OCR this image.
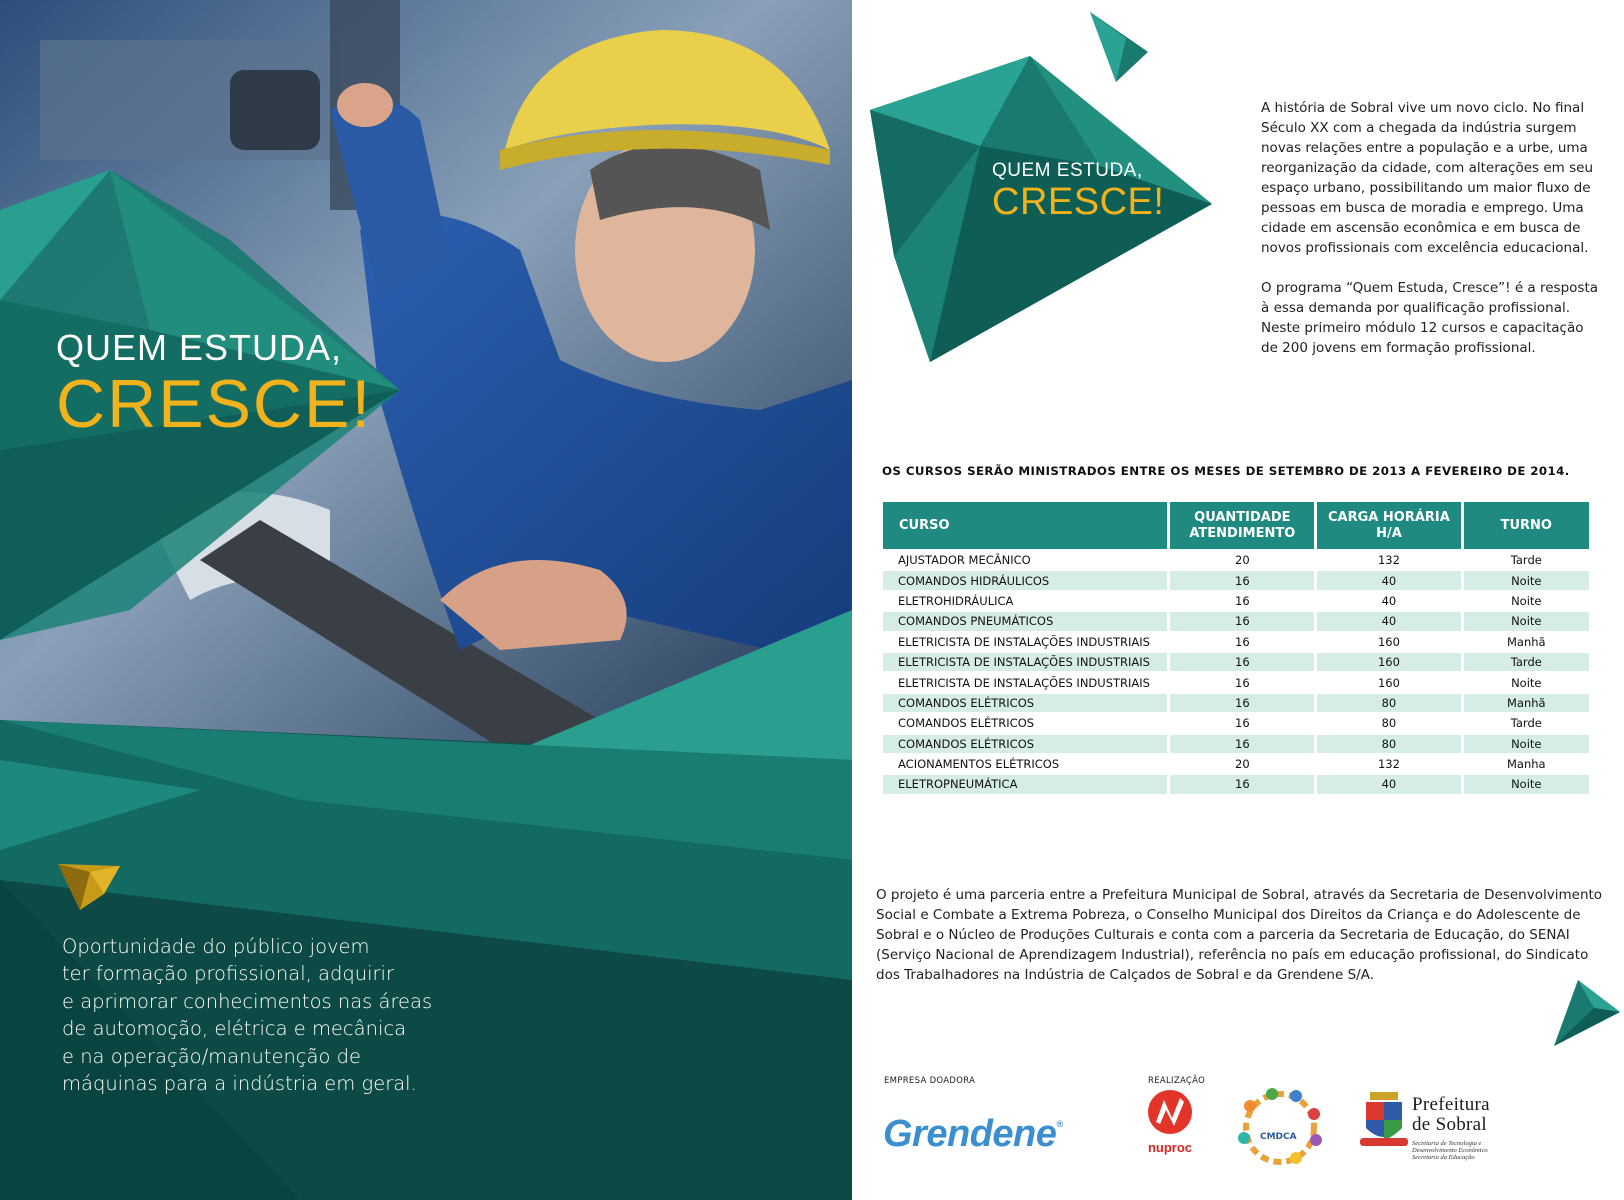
QUEM ESTUDA,
CRESCE!
Oportunidade do público jovem
ter formação profissional, adquirir
e aprimorar conhecimentos nas áreas
de automoção, elétrica e mecânica
e na operação/manutenção de
máquinas para a indústria em geral.
QUEM ESTUDA,
CRESCE!

A história de Sobral vive um novo ciclo. No final Século XX com a chegada da indústria surgem novas relações entre a população e a urbe, uma reorganização da cidade, com alterações em seu espaço urbano, possibilitando um maior fluxo de pessoas em busca de moradia e emprego. Uma cidade em ascensão econômica e em busca de novos profissionais com excelência educacional.

O programa “Quem Estuda, Cresce”! é a resposta à essa demanda por qualificação profissional. Neste primeiro módulo 12 cursos e capacitação de 200 jovens em formação profissional.

OS CURSOS SERÃO MINISTRADOS ENTRE OS MESES DE SETEMBRO DE 2013 A FEVEREIRO DE 2014.
CURSO	QUANTIDADE ATENDIMENTO	CARGA HORÁRIA H/A	TURNO
AJUSTADOR MECÂNICO	20	132	Tarde
COMANDOS HIDRÁULICOS	16	40	Noite
ELETROHIDRÁULICA	16	40	Noite
COMANDOS PNEUMÁTICOS	16	40	Noite
ELETRICISTA DE INSTALAÇÕES INDUSTRIAIS	16	160	Manhã
ELETRICISTA DE INSTALAÇÕES INDUSTRIAIS	16	160	Tarde
ELETRICISTA DE INSTALAÇÕES INDUSTRIAIS	16	160	Noite
COMANDOS ELÉTRICOS	16	80	Manhã
COMANDOS ELÉTRICOS	16	80	Tarde
COMANDOS ELÉTRICOS	16	80	Noite
ACIONAMENTOS ELÉTRICOS	20	132	Manha
ELETROPNEUMÁTICA	16	40	Noite
O projeto é uma parceria entre a Prefeitura Municipal de Sobral, através da Secretaria de Desenvolvimento Social e Combate a Extrema Pobreza, o Conselho Municipal dos Direitos da Criança e do Adolescente de Sobral e o Núcleo de Produções Culturais e conta com a parceria da Secretaria de Educação, do SENAI (Serviço Nacional de Aprendizagem Industrial), referência no país em educação profissional, do Sindicato dos Trabalhadores na Indústria de Calçados de Sobral e da Grendene S/A.
EMPRESA DOADORA	REALIZAÇÃO
Grendene®
nuproc
CMDCA
Prefeitura
de Sobral
Secretaria de Tecnologia e
Desenvolvimento Econômico
Secretaria da Educação
